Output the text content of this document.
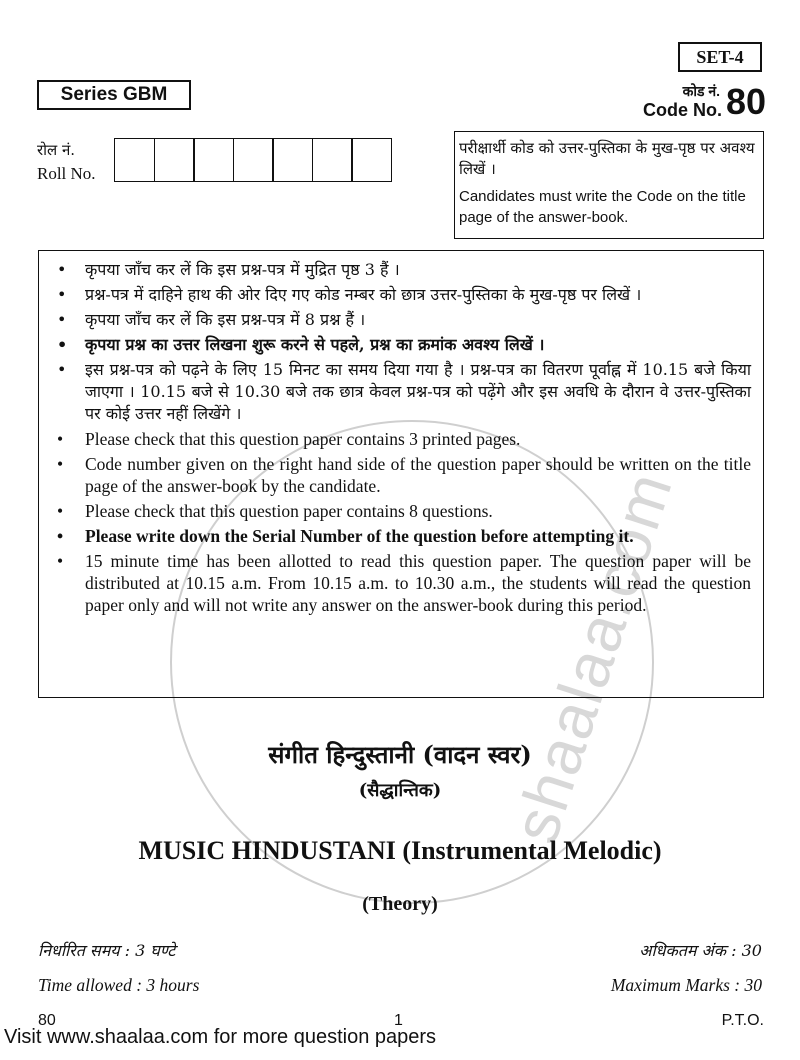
shaalaa.com
SET-4
Series GBM	कोड नं.
Code No. 80
रोल नं.
Roll No.
परीक्षार्थी कोड को उत्तर-पुस्तिका के मुख-पृष्ठ पर अवश्य लिखें ।
Candidates must write the Code on the title page of the answer-book.
• कृपया जाँच कर लें कि इस प्रश्न-पत्र में मुद्रित पृष्ठ 3 हैं ।
• प्रश्न-पत्र में दाहिने हाथ की ओर दिए गए कोड नम्बर को छात्र उत्तर-पुस्तिका के मुख-पृष्ठ पर लिखें ।
• कृपया जाँच कर लें कि इस प्रश्न-पत्र में 8 प्रश्न हैं ।
• कृपया प्रश्न का उत्तर लिखना शुरू करने से पहले, प्रश्न का क्रमांक अवश्य लिखें ।
• इस प्रश्न-पत्र को पढ़ने के लिए 15 मिनट का समय दिया गया है । प्रश्न-पत्र का वितरण पूर्वाह्न में 10.15 बजे किया जाएगा । 10.15 बजे से 10.30 बजे तक छात्र केवल प्रश्न-पत्र को पढ़ेंगे और इस अवधि के दौरान वे उत्तर-पुस्तिका पर कोई उत्तर नहीं लिखेंगे ।
• Please check that this question paper contains 3 printed pages.
• Code number given on the right hand side of the question paper should be written on the title page of the answer-book by the candidate.
• Please check that this question paper contains 8 questions.
• Please write down the Serial Number of the question before attempting it.
• 15 minute time has been allotted to read this question paper. The question paper will be distributed at 10.15 a.m. From 10.15 a.m. to 10.30 a.m., the students will read the question paper only and will not write any answer on the answer-book during this period.
संगीत हिन्दुस्तानी (वादन स्वर)
(सैद्धान्तिक)
MUSIC HINDUSTANI (Instrumental Melodic)
(Theory)
निर्धारित समय : 3 घण्टे	अधिकतम अंक : 30
Time allowed : 3 hours	Maximum Marks : 30
80	1	P.T.O.
Visit www.shaalaa.com for more question papers
